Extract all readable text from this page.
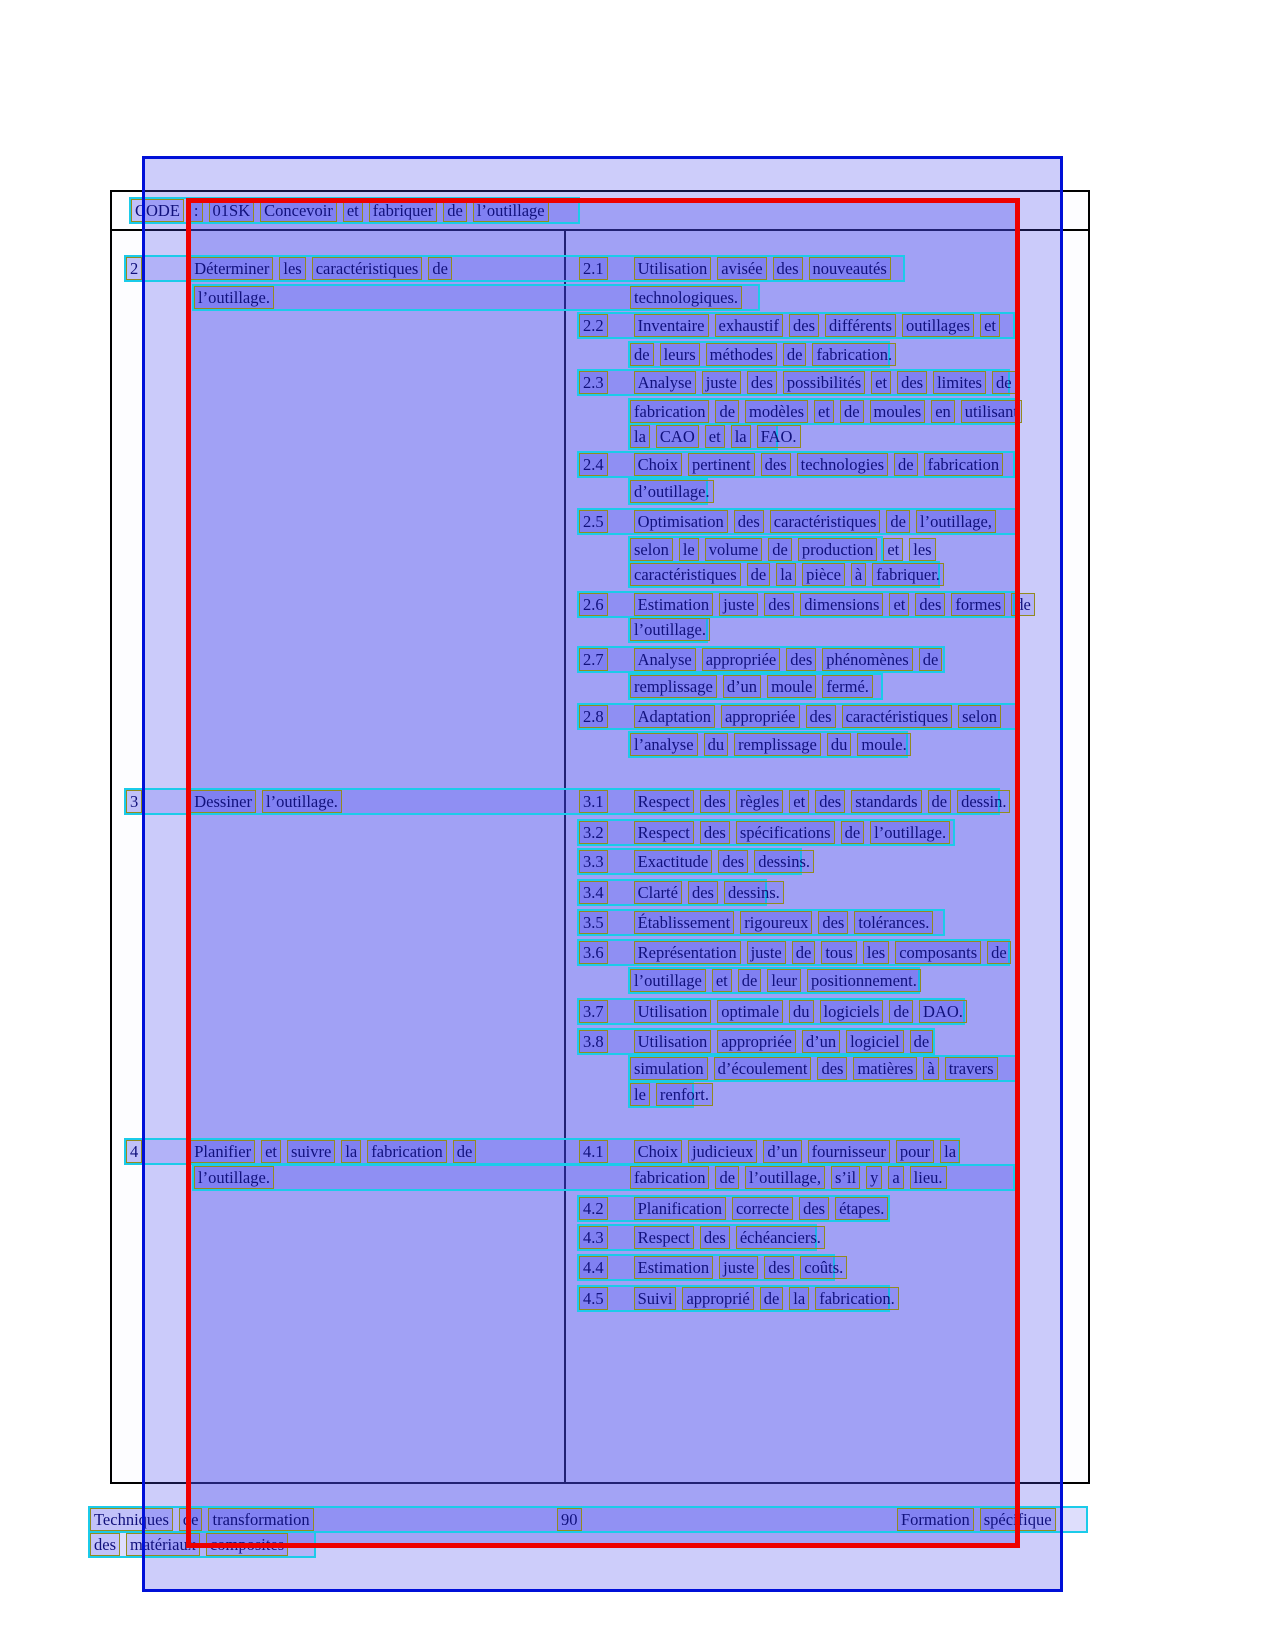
CODE : 01SK Concevoir et fabriquer de l’outillage
2	Déterminer les caractéristiques de	2.1 Utilisation avisée des nouveautés
l’outillage.	technologiques.
2.2 Inventaire exhaustif des différents outillages et
de leurs méthodes de fabrication.
2.3 Analyse juste des possibilités et des limites de
fabrication de modèles et de moules en utilisant
la CAO et la FAO.
2.4 Choix pertinent des technologies de fabrication
d’outillage.
2.5 Optimisation des caractéristiques de l’outillage,
selon le volume de production et les
caractéristiques de la pièce à fabriquer.
2.6 Estimation juste des dimensions et des formes de
l’outillage.
2.7 Analyse appropriée des phénomènes de
remplissage d’un moule fermé.
2.8 Adaptation appropriée des caractéristiques selon
l’analyse du remplissage du moule.
3	Dessiner l’outillage.	3.1 Respect des règles et des standards de dessin.
3.2 Respect des spécifications de l’outillage.
3.3 Exactitude des dessins.
3.4 Clarté des dessins.
3.5 Établissement rigoureux des tolérances.
3.6 Représentation juste de tous les composants de
l’outillage et de leur positionnement.
3.7 Utilisation optimale du logiciels de DAO.
3.8 Utilisation appropriée d’un logiciel de
simulation d’écoulement des matières à travers
le renfort.
4	Planifier et suivre la fabrication de	4.1 Choix judicieux d’un fournisseur pour la
l’outillage.	fabrication de l’outillage, s’il y a lieu.
4.2 Planification correcte des étapes.
4.3 Respect des échéanciers.
4.4 Estimation juste des coûts.
4.5 Suivi approprié de la fabrication.
Techniques de transformation	90	Formation spécifique
des matériaux composites
